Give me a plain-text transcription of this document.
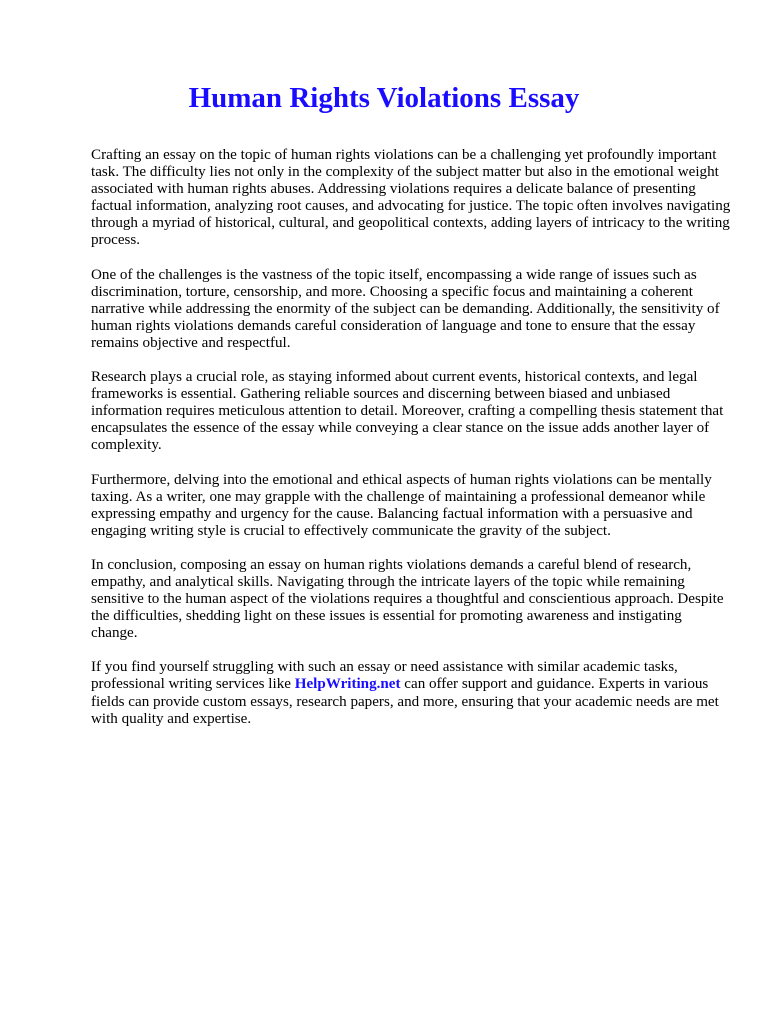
Human Rights Violations Essay

Crafting an essay on the topic of human rights violations can be a challenging yet profoundly important task. The difficulty lies not only in the complexity of the subject matter but also in the emotional weight associated with human rights abuses. Addressing violations requires a delicate balance of presenting factual information, analyzing root causes, and advocating for justice. The topic often involves navigating through a myriad of historical, cultural, and geopolitical contexts, adding layers of intricacy to the writing process.

One of the challenges is the vastness of the topic itself, encompassing a wide range of issues such as discrimination, torture, censorship, and more. Choosing a specific focus and maintaining a coherent narrative while addressing the enormity of the subject can be demanding. Additionally, the sensitivity of human rights violations demands careful consideration of language and tone to ensure that the essay remains objective and respectful.

Research plays a crucial role, as staying informed about current events, historical contexts, and legal frameworks is essential. Gathering reliable sources and discerning between biased and unbiased information requires meticulous attention to detail. Moreover, crafting a compelling thesis statement that encapsulates the essence of the essay while conveying a clear stance on the issue adds another layer of complexity.

Furthermore, delving into the emotional and ethical aspects of human rights violations can be mentally taxing. As a writer, one may grapple with the challenge of maintaining a professional demeanor while expressing empathy and urgency for the cause. Balancing factual information with a persuasive and engaging writing style is crucial to effectively communicate the gravity of the subject.

In conclusion, composing an essay on human rights violations demands a careful blend of research, empathy, and analytical skills. Navigating through the intricate layers of the topic while remaining sensitive to the human aspect of the violations requires a thoughtful and conscientious approach. Despite the difficulties, shedding light on these issues is essential for promoting awareness and instigating change.

If you find yourself struggling with such an essay or need assistance with similar academic tasks, professional writing services like HelpWriting.net can offer support and guidance. Experts in various fields can provide custom essays, research papers, and more, ensuring that your academic needs are met with quality and expertise.
